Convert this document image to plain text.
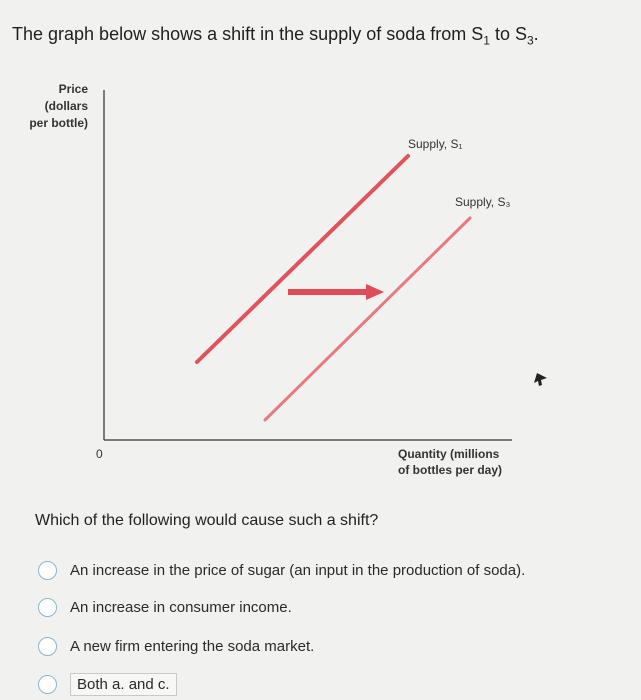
The graph below shows a shift in the supply of soda from $S_1$ to $S_3$.
Price
(dollars
per bottle)
0	Quantity (millions
of bottles per day)
Supply, S₁
Supply, S₃
Which of the following would cause such a shift?
An increase in the price of sugar (an input in the production of soda).
An increase in consumer income.
A new firm entering the soda market.
Both a. and c.
